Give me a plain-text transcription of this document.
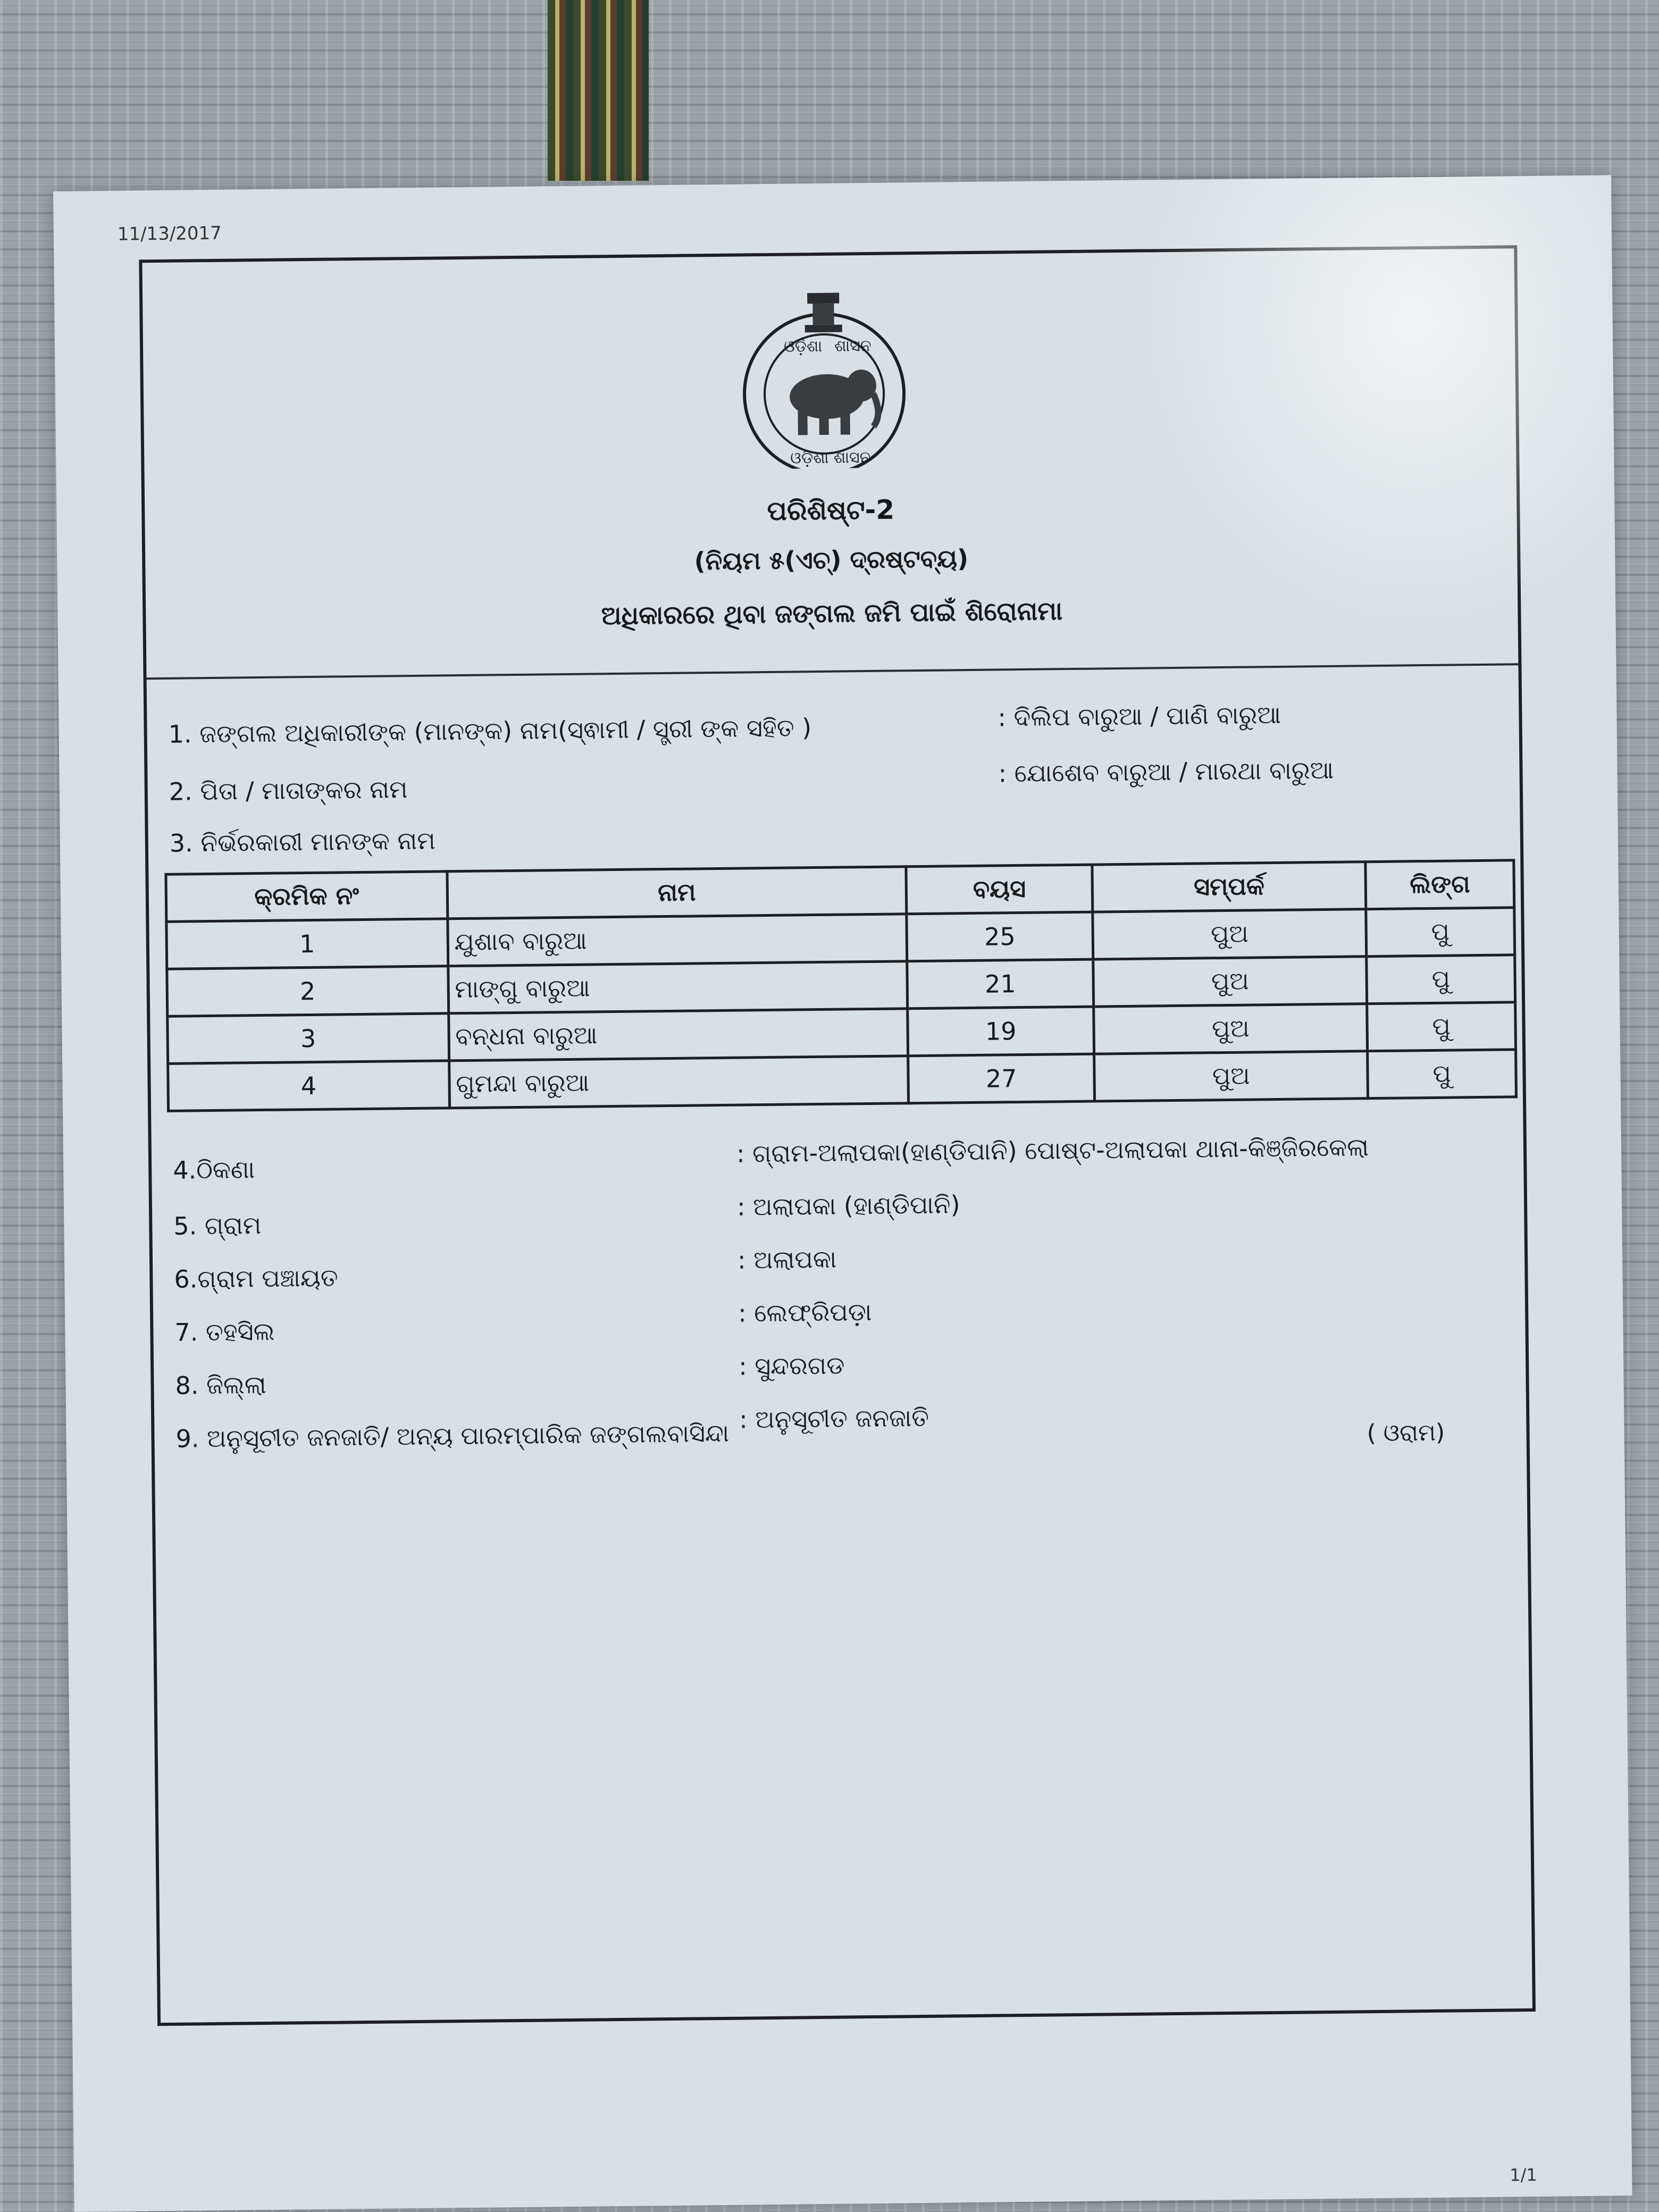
11/13/2017
ଓଡ଼ିଶା ଶାସନ
ଓଡ଼ିଶା ଶାସନ
ପରିଶିଷ୍ଟ-2
(ନିୟମ ୫(ଏଚ୍) ଦ୍ରଷ୍ଟବ୍ୟ)
ଅଧିକାରରେ ଥିବା ଜଙ୍ଗଲ ଜମି ପାଇଁ ଶିରୋନାମା
1. ଜଙ୍ଗଲ ଅଧିକାରୀଙ୍କ (ମାନଙ୍କ) ନାମ(ସ୍ଵାମୀ / ସ୍ତ୍ରୀ ଙ୍କ ସହିତ )	: ଦିଲିପ ବାରୁଆ / ପାଣି ବାରୁଆ
2. ପିତା / ମାତାଙ୍କର ନାମ
: ଯୋଶେବ ବାରୁଆ / ମାରଥା ବାରୁଆ
3. ନିର୍ଭରକାରୀ ମାନଙ୍କ ନାମ
କ୍ରମିକ ନଂ	ନାମ	ବୟସ	ସମ୍ପର୍କ	ଲିଙ୍ଗ
1	ଯୁଶାବ ବାରୁଆ	25	ପୁଅ	ପୁ
2	ମାଙ୍ଗୁ ବାରୁଆ	21	ପୁଅ	ପୁ
3	ବନ୍ଧନା ବାରୁଆ	19	ପୁଅ	ପୁ
4	ଗୁମନ୍ଦା ବାରୁଆ	27	ପୁଅ	ପୁ
4.ଠିକଣା
: ଗ୍ରାମ-ଅଲାପକା(ହାଣ୍ଡିପାନି) ପୋଷ୍ଟ-ଅଲାପକା ଥାନା-କିଞ୍ଜିରକେଲା
5. ଗ୍ରାମ
: ଅଲାପକା (ହାଣ୍ଡିପାନି)
6.ଗ୍ରାମ ପଞ୍ଚାୟତ
: ଅଲାପକା
7. ତହସିଲ
: ଲେଫ୍ରିପଡ଼ା
8. ଜିଲ୍ଲା
: ସୁନ୍ଦରଗଡ
9. ଅନୁସୂଚୀତ ଜନଜାତି/ ଅନ୍ୟ ପାରମ୍ପାରିକ ଜଙ୍ଗଲବାସିନ୍ଦା
: ଅନୁସୂଚୀତ ଜନଜାତି	( ଓରାମ)
1/1
